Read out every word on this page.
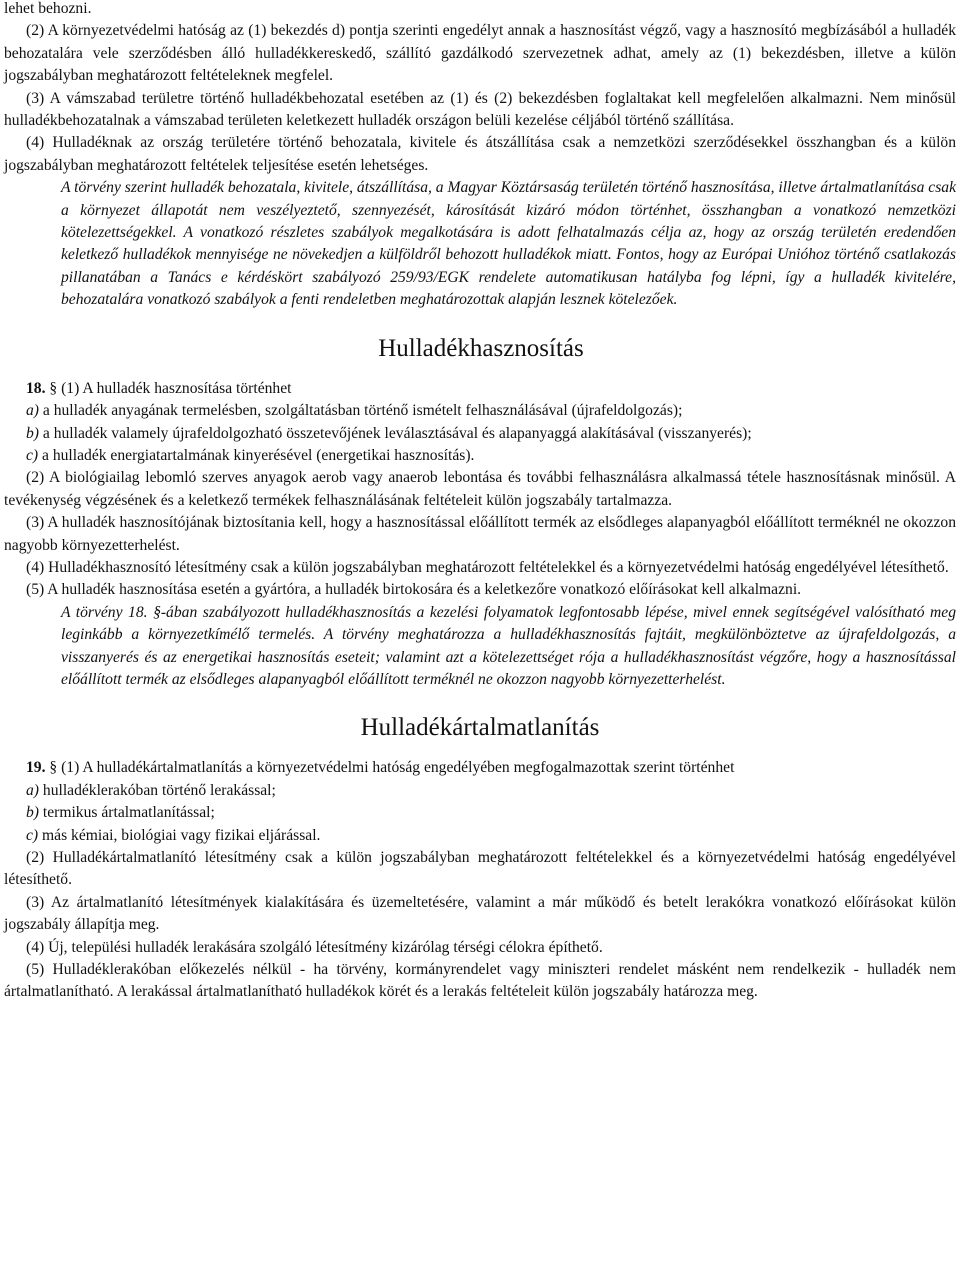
lehet behozni.

(2) A környezetvédelmi hatóság az (1) bekezdés d) pontja szerinti engedélyt annak a hasznosítást végző, vagy a hasznosító megbízásából a hulladék behozatalára vele szerződésben álló hulladékkereskedő, szállító gazdálkodó szervezetnek adhat, amely az (1) bekezdésben, illetve a külön jogszabályban meghatározott feltételeknek megfelel.

(3) A vámszabad területre történő hulladékbehozatal esetében az (1) és (2) bekezdésben foglaltakat kell megfelelően alkalmazni. Nem minősül hulladékbehozatalnak a vámszabad területen keletkezett hulladék országon belüli kezelése céljából történő szállítása.

(4) Hulladéknak az ország területére történő behozatala, kivitele és átszállítása csak a nemzetközi szerződésekkel összhangban és a külön jogszabályban meghatározott feltételek teljesítése esetén lehetséges.

A törvény szerint hulladék behozatala, kivitele, átszállítása, a Magyar Köztársaság területén történő hasznosítása, illetve ártalmatlanítása csak a környezet állapotát nem veszélyeztető, szennyezését, károsítását kizáró módon történhet, összhangban a vonatkozó nemzetközi kötelezettségekkel. A vonatkozó részletes szabályok megalkotására is adott felhatalmazás célja az, hogy az ország területén eredendően keletkező hulladékok mennyisége ne növekedjen a külföldről behozott hulladékok miatt. Fontos, hogy az Európai Unióhoz történő csatlakozás pillanatában a Tanács e kérdéskört szabályozó 259/93/EGK rendelete automatikusan hatályba fog lépni, így a hulladék kivitelére, behozatalára vonatkozó szabályok a fenti rendeletben meghatározottak alapján lesznek kötelezőek.

Hulladékhasznosítás

18. § (1) A hulladék hasznosítása történhet

a) a hulladék anyagának termelésben, szolgáltatásban történő ismételt felhasználásával (újrafeldolgozás);

b) a hulladék valamely újrafeldolgozható összetevőjének leválasztásával és alapanyaggá alakításával (visszanyerés);

c) a hulladék energiatartalmának kinyerésével (energetikai hasznosítás).

(2) A biológiailag lebomló szerves anyagok aerob vagy anaerob lebontása és további felhasználásra alkalmassá tétele hasznosításnak minősül. A tevékenység végzésének és a keletkező termékek felhasználásának feltételeit külön jogszabály tartalmazza.

(3) A hulladék hasznosítójának biztosítania kell, hogy a hasznosítással előállított termék az elsődleges alapanyagból előállított terméknél ne okozzon nagyobb környezetterhelést.

(4) Hulladékhasznosító létesítmény csak a külön jogszabályban meghatározott feltételekkel és a környezetvédelmi hatóság engedélyével létesíthető.

(5) A hulladék hasznosítása esetén a gyártóra, a hulladék birtokosára és a keletkezőre vonatkozó előírásokat kell alkalmazni.

A törvény 18. §-ában szabályozott hulladékhasznosítás a kezelési folyamatok legfontosabb lépése, mivel ennek segítségével valósítható meg leginkább a környezetkímélő termelés. A törvény meghatározza a hulladékhasznosítás fajtáit, megkülönböztetve az újrafeldolgozás, a visszanyerés és az energetikai hasznosítás eseteit; valamint azt a kötelezettséget rója a hulladékhasznosítást végzőre, hogy a hasznosítással előállított termék az elsődleges alapanyagból előállított terméknél ne okozzon nagyobb környezetterhelést.

Hulladékártalmatlanítás

19. § (1) A hulladékártalmatlanítás a környezetvédelmi hatóság engedélyében megfogalmazottak szerint történhet

a) hulladéklerakóban történő lerakással;

b) termikus ártalmatlanítással;

c) más kémiai, biológiai vagy fizikai eljárással.

(2) Hulladékártalmatlanító létesítmény csak a külön jogszabályban meghatározott feltételekkel és a környezetvédelmi hatóság engedélyével létesíthető.

(3) Az ártalmatlanító létesítmények kialakítására és üzemeltetésére, valamint a már működő és betelt lerakókra vonatkozó előírásokat külön jogszabály állapítja meg.

(4) Új, települési hulladék lerakására szolgáló létesítmény kizárólag térségi célokra építhető.

(5) Hulladéklerakóban előkezelés nélkül - ha törvény, kormányrendelet vagy miniszteri rendelet másként nem rendelkezik - hulladék nem ártalmatlanítható. A lerakással ártalmatlanítható hulladékok körét és a lerakás feltételeit külön jogszabály határozza meg.
